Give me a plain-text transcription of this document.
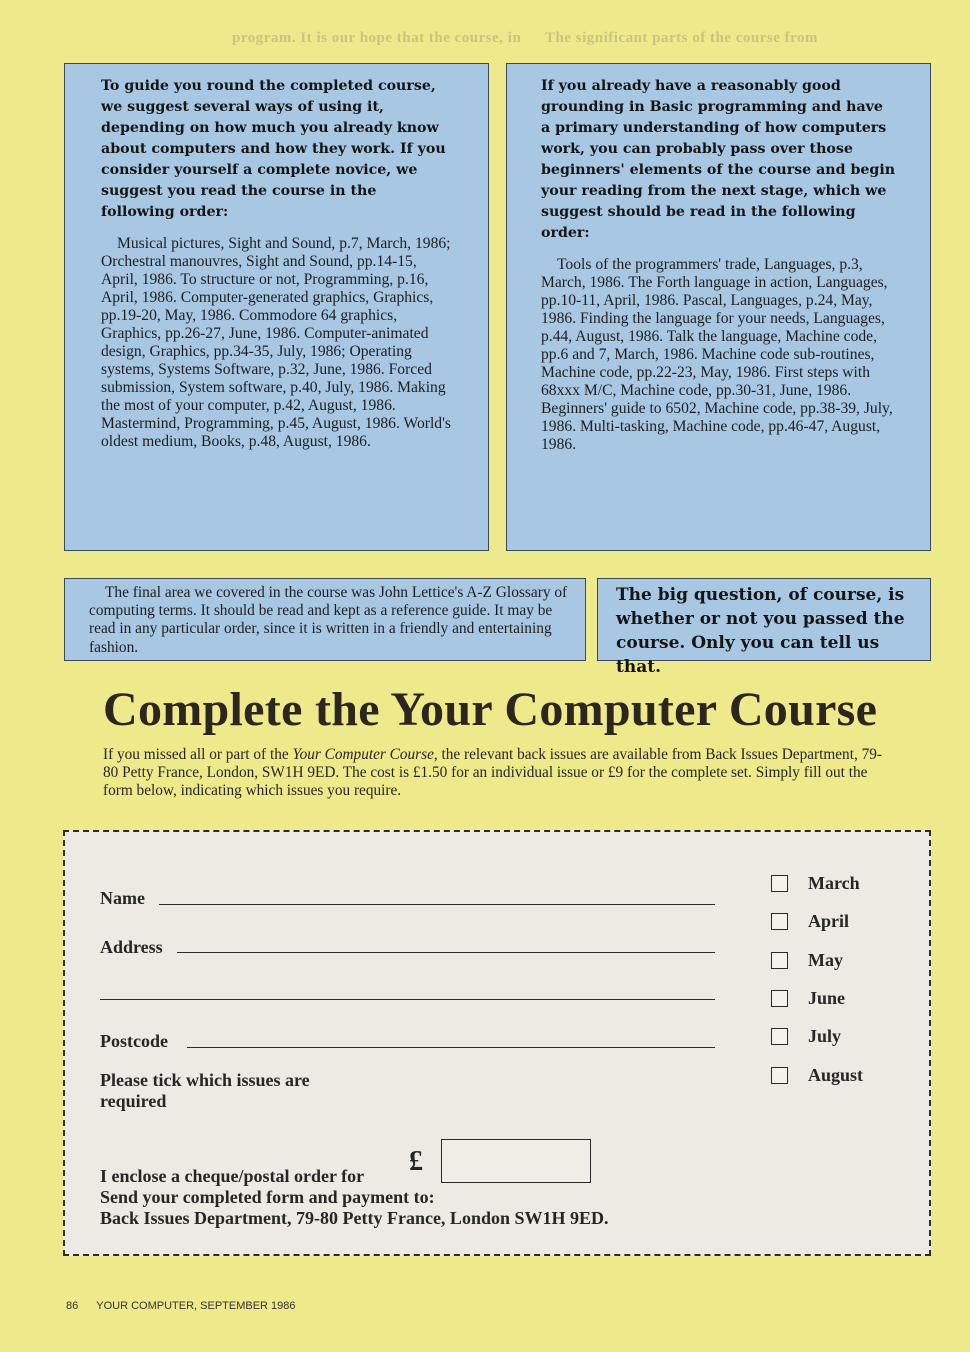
The significant parts of the course from
program. It is our hope that the course, in

To guide you round the completed course, we suggest several ways of using it, depending on how much you already know about computers and how they work. If you consider yourself a complete novice, we suggest you read the course in the following order:

Musical pictures, Sight and Sound, p.7, March, 1986; Orchestral manouvres, Sight and Sound, pp.14-15, April, 1986. To structure or not, Programming, p.16, April, 1986. Computer-generated graphics, Graphics, pp.19-20, May, 1986. Commodore 64 graphics, Graphics, pp.26-27, June, 1986. Computer-animated design, Graphics, pp.34-35, July, 1986; Operating systems, Systems Software, p.32, June, 1986. Forced submission, System software, p.40, July, 1986. Making the most of your computer, p.42, August, 1986. Mastermind, Programming, p.45, August, 1986. World's oldest medium, Books, p.48, August, 1986.

If you already have a reasonably good grounding in Basic programming and have a primary understanding of how computers work, you can probably pass over those beginners' elements of the course and begin your reading from the next stage, which we suggest should be read in the following order:

Tools of the programmers' trade, Languages, p.3, March, 1986. The Forth language in action, Languages, pp.10-11, April, 1986. Pascal, Languages, p.24, May, 1986. Finding the language for your needs, Languages, p.44, August, 1986. Talk the language, Machine code, pp.6 and 7, March, 1986. Machine code sub-routines, Machine code, pp.22-23, May, 1986. First steps with 68xxx M/C, Machine code, pp.30-31, June, 1986. Beginners' guide to 6502, Machine code, pp.38-39, July, 1986. Multi-tasking, Machine code, pp.46-47, August, 1986.

The final area we covered in the course was John Lettice's A-Z Glossary of computing terms. It should be read and kept as a reference guide. It may be read in any particular order, since it is written in a friendly and entertaining fashion.

The big question, of course, is whether or not you passed the course. Only you can tell us that.

Complete the Your Computer Course

If you missed all or part of the Your Computer Course, the relevant back issues are available from Back Issues Department, 79-80 Petty France, London, SW1H 9ED. The cost is £1.50 for an individual issue or £9 for the complete set. Simply fill out the form below, indicating which issues you require.

Name
Address
Postcode
Please tick which issues are required
March
April
May
June
July
August
I enclose a cheque/postal order for £
Send your completed form and payment to:
Back Issues Department, 79-80 Petty France, London SW1H 9ED.
86 YOUR COMPUTER, SEPTEMBER 1986
